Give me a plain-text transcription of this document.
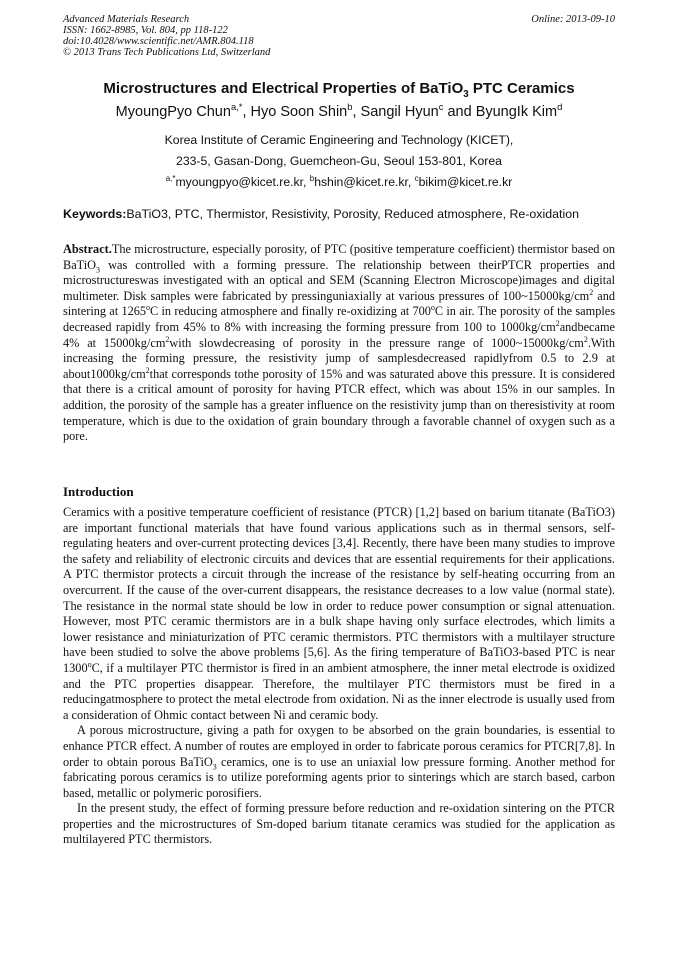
Advanced Materials Research
ISSN: 1662-8985, Vol. 804, pp 118-122
doi:10.4028/www.scientific.net/AMR.804.118
© 2013 Trans Tech Publications Ltd, Switzerland
Online: 2013-09-10
Microstructures and Electrical Properties of BaTiO$_3$ PTC Ceramics
MyoungPyo Chun$^{a,*}$, Hyo Soon Shin$^b$, Sangil Hyun$^c$ and ByungIk Kim$^d$
Korea Institute of Ceramic Engineering and Technology (KICET),
233-5, Gasan-Dong, Guemcheon-Gu, Seoul 153-801, Korea
$^{a,*}$myoungpyo@kicet.re.kr, $^b$hshin@kicet.re.kr, $^c$bikim@kicet.re.kr
Keywords:BaTiO3, PTC, Thermistor, Resistivity, Porosity, Reduced atmosphere, Re-oxidation

Abstract.The microstructure, especially porosity, of PTC (positive temperature coefficient) thermistor based on BaTiO$_3$ was controlled with a forming pressure. The relationship between theirPTCR properties and microstructureswas investigated with an optical and SEM (Scanning Electron Microscope)images and digital multimeter. Disk samples were fabricated by pressinguniaxially at various pressures of $100\sim 15000kg/cm^2$ and sintering at 1265$^o$C in reducing atmosphere and finally re-oxidizing at 700$^o$C in air. The porosity of the samples decreased rapidly from 45% to 8% with increasing the forming pressure from 100 to $1000kg/cm^2andbecame$ 4% at $15000kg/cm^2with$ slowdecreasing of porosity in the pressure range of $1000\sim 15000kg/cm^2.With$ increasing the forming pressure, the resistivity jump of samplesdecreased rapidlyfrom 0.5 to 2.9 at $about1000kg/cm^2that$ corresponds tothe porosity of 15% and was saturated above this pressure. It is considered that there is a critical amount of porosity for having PTCR effect, which was about 15% in our samples. In addition, the porosity of the sample has a greater influence on the resistivity jump than on theresistivity at room temperature, which is due to the oxidation of grain boundary through a favorable channel of oxygen such as a pore.

Introduction

Ceramics with a positive temperature coefficient of resistance (PTCR) [1,2] based on barium titanate (BaTiO3) are important functional materials that have found various applications such as in thermal sensors, self-regulating heaters and over-current protecting devices [3,4]. Recently, there have been many studies to improve the safety and reliability of electronic circuits and devices that are essential requirements for their applications. A PTC thermistor protects a circuit through the increase of the resistance by self-heating occurring from an overcurrent. If the cause of the over-current disappears, the resistance decreases to a low value (normal state). The resistance in the normal state should be low in order to reduce power consumption or signal attenuation. However, most PTC ceramic thermistors are in a bulk shape having only surface electrodes, which limits a lower resistance and miniaturization of PTC ceramic thermistors. PTC thermistors with a multilayer structure have been studied to solve the above problems [5,6]. As the firing temperature of BaTiO3-based PTC is near 1300$^o$C, if a multilayer PTC thermistor is fired in an ambient atmosphere, the inner metal electrode is oxidized and the PTC properties disappear. Therefore, the multilayer PTC thermistors must be fired in a reducingatmosphere to protect the metal electrode from oxidation. Ni as the inner electrode is usually used from a consideration of Ohmic contact between Ni and ceramic body.

A porous microstructure, giving a path for oxygen to be absorbed on the grain boundaries, is essential to enhance PTCR effect. A number of routes are employed in order to fabricate porous ceramics for PTCR[7,8]. In order to obtain porous BaTiO$_3$ ceramics, one is to use an uniaxial low pressure forming. Another method for fabricating porous ceramics is to utilize poreforming agents prior to sinterings which are starch based, carbon based, metallic or polymeric porosifiers.

In the present study, the effect of forming pressure before reduction and re-oxidation sintering on the PTCR properties and the microstructures of Sm-doped barium titanate ceramics was studied for the application as multilayered PTC thermistors.
